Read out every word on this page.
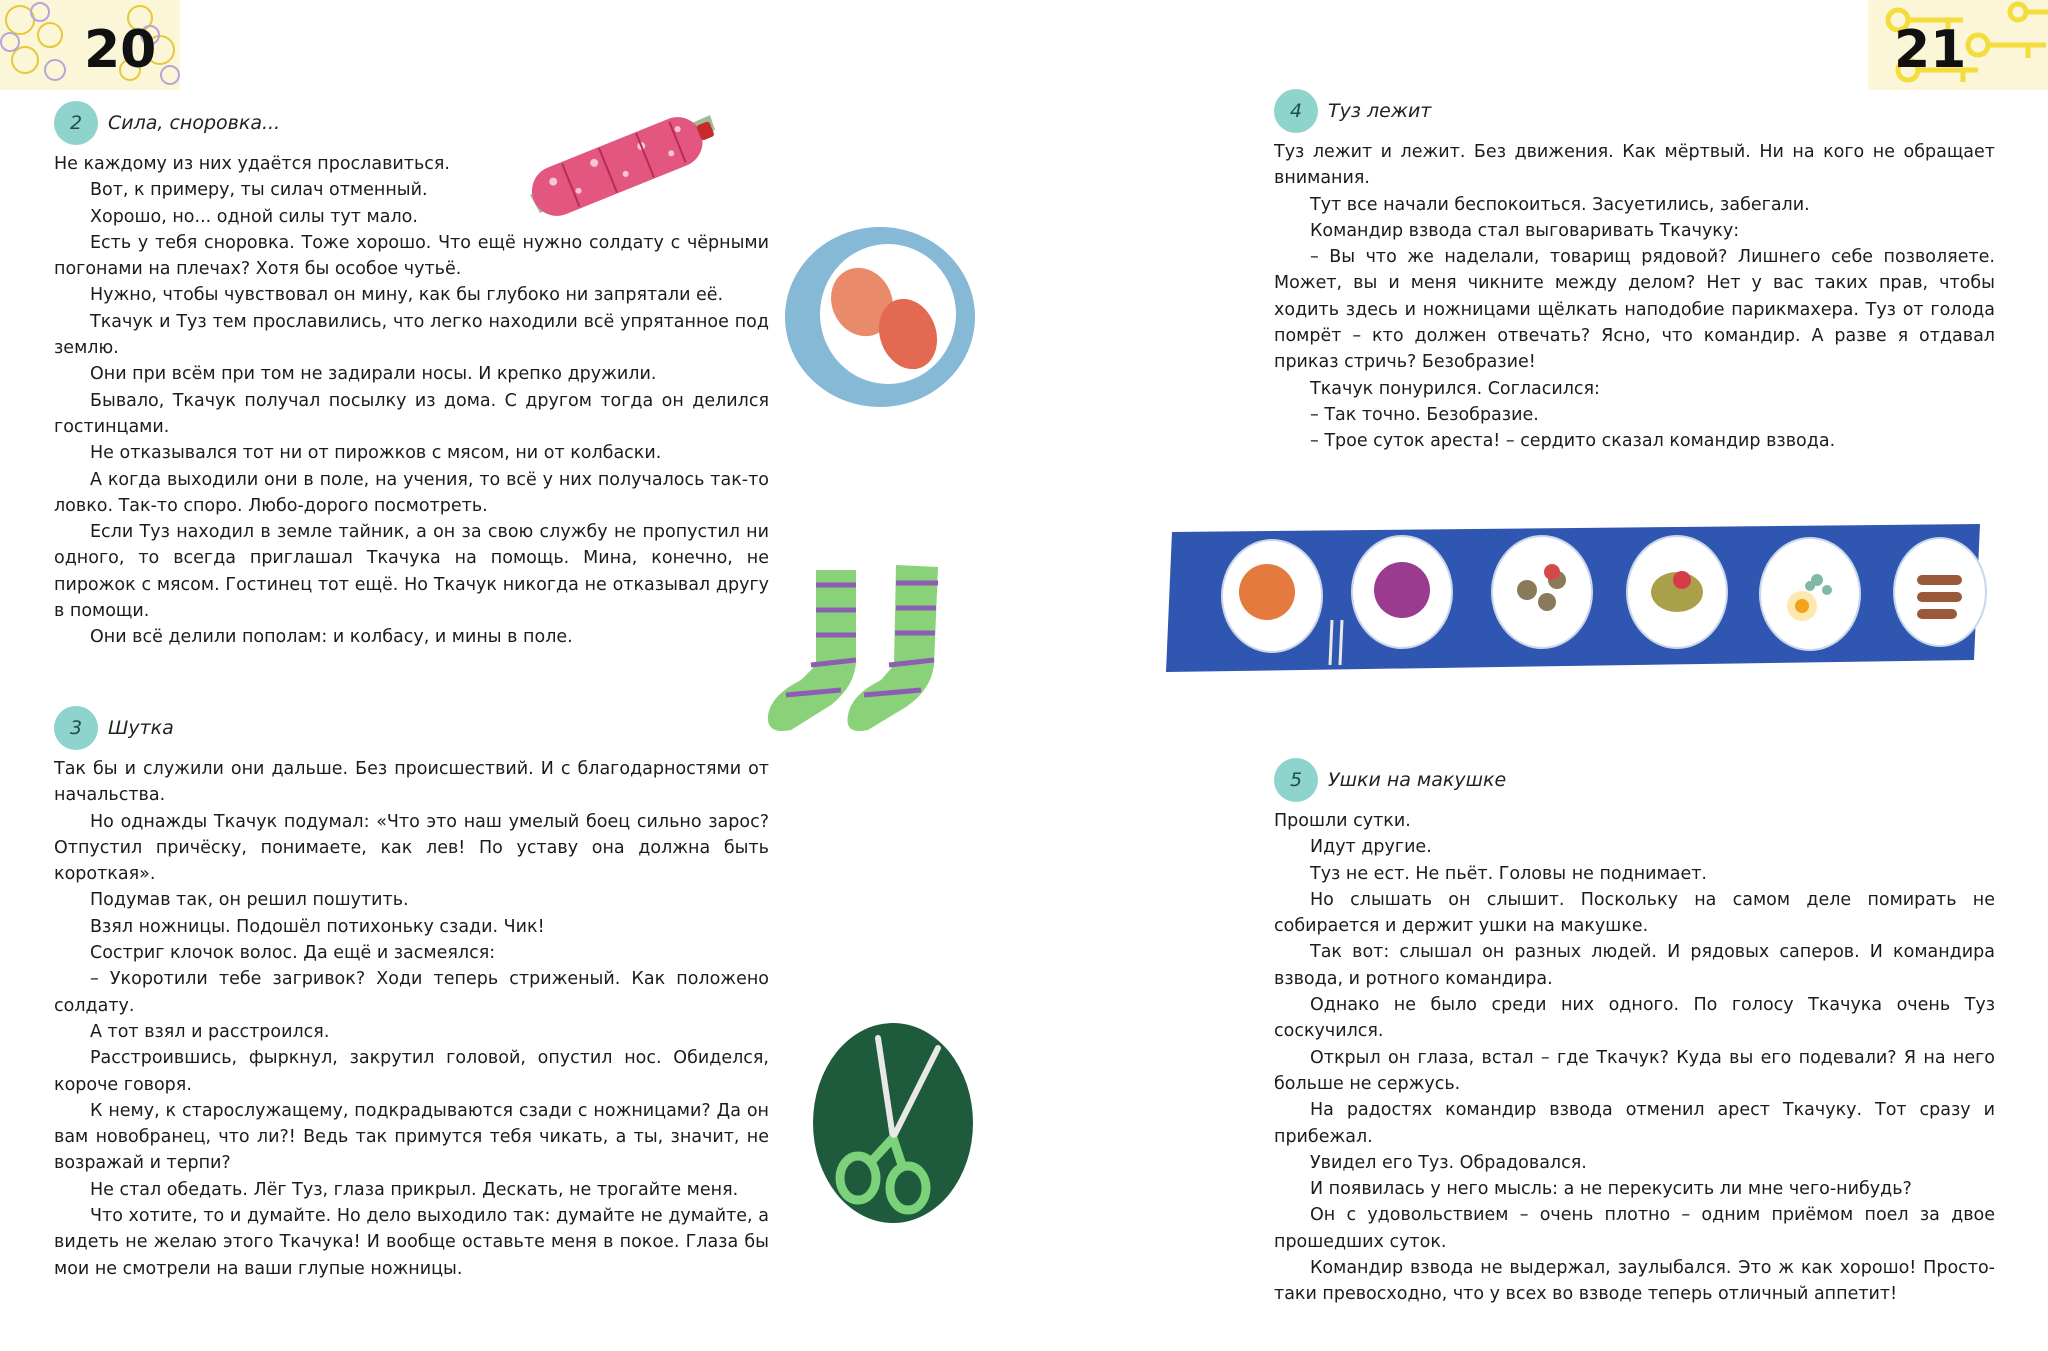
20
2	Сила, сноровка...

Не каждому из них удаётся прославиться.

Вот, к примеру, ты силач отменный.

Хорошо, но... одной силы тут мало.

Есть у тебя сноровка. Тоже хорошо. Что ещё нужно солдату с чёрными погонами на плечах? Хотя бы особое чутьё.

Нужно, чтобы чувствовал он мину, как бы глубоко ни запрятали её.

Ткачук и Туз тем прославились, что легко находили всё упрятанное под землю.

Они при всём при том не задирали носы. И крепко дружили.

Бывало, Ткачук получал посылку из дома. С другом тогда он делился гостинцами.

Не отказывался тот ни от пирожков с мясом, ни от колбаски.

А когда выходили они в поле, на учения, то всё у них получалось так-то ловко. Так-то споро. Любо-дорого посмотреть.

Если Туз находил в земле тайник, а он за свою службу не пропустил ни одного, то всегда приглашал Ткачука на помощь. Мина, конечно, не пирожок с мясом. Гостинец тот ещё. Но Ткачук никогда не отказывал другу в помощи.

Они всё делили пополам: и колбасу, и мины в поле.

3	Шутка

Так бы и служили они дальше. Без происшествий. И с благодарностями от начальства.

Но однажды Ткачук подумал: «Что это наш умелый боец сильно зарос? Отпустил причёску, понимаете, как лев! По уставу она должна быть короткая».

Подумав так, он решил пошутить.

Взял ножницы. Подошёл потихоньку сзади. Чик!

Состриг клочок волос. Да ещё и засмеялся:

– Укоротили тебе загривок? Ходи теперь стриженый. Как положено солдату.

А тот взял и расстроился.

Расстроившись, фыркнул, закрутил головой, опустил нос. Обиделся, короче говоря.

К нему, к старослужащему, подкрадываются сзади с ножницами? Да он вам новобранец, что ли?! Ведь так примутся тебя чикать, а ты, значит, не возражай и терпи?

Не стал обедать. Лёг Туз, глаза прикрыл. Дескать, не трогайте меня.

Что хотите, то и думайте. Но дело выходило так: думайте не думайте, а видеть не желаю этого Ткачука! И вообще оставьте меня в покое. Глаза бы мои не смотрели на ваши глупые ножницы.

21
4	Туз лежит

Туз лежит и лежит. Без движения. Как мёртвый. Ни на кого не обращает внимания.

Тут все начали беспокоиться. Засуетились, забегали.

Командир взвода стал выговаривать Ткачуку:

– Вы что же наделали, товарищ рядовой? Лишнего себе позволяете. Может, вы и меня чикните между делом? Нет у вас таких прав, чтобы ходить здесь и ножницами щёлкать наподобие парикмахера. Туз от голода помрёт – кто должен отвечать? Ясно, что командир. А разве я отдавал приказ стричь? Безобразие!

Ткачук понурился. Согласился:

– Так точно. Безобразие.

– Трое суток ареста! – сердито сказал командир взвода.

5	Ушки на макушке

Прошли сутки.

Идут другие.

Туз не ест. Не пьёт. Головы не поднимает.

Но слышать он слышит. Поскольку на самом деле помирать не собирается и держит ушки на макушке.

Так вот: слышал он разных людей. И рядовых саперов. И командира взвода, и ротного командира.

Однако не было среди них одного. По голосу Ткачука очень Туз соскучился.

Открыл он глаза, встал – где Ткачук? Куда вы его подевали? Я на него больше не сержусь.

На радостях командир взвода отменил арест Ткачуку. Тот сразу и прибежал.

Увидел его Туз. Обрадовался.

И появилась у него мысль: а не перекусить ли мне чего-нибудь?

Он с удовольствием – очень плотно – одним приёмом поел за двое прошедших суток.

Командир взвода не выдержал, заулыбался. Это ж как хорошо! Просто-таки превосходно, что у всех во взводе теперь отличный аппетит!
